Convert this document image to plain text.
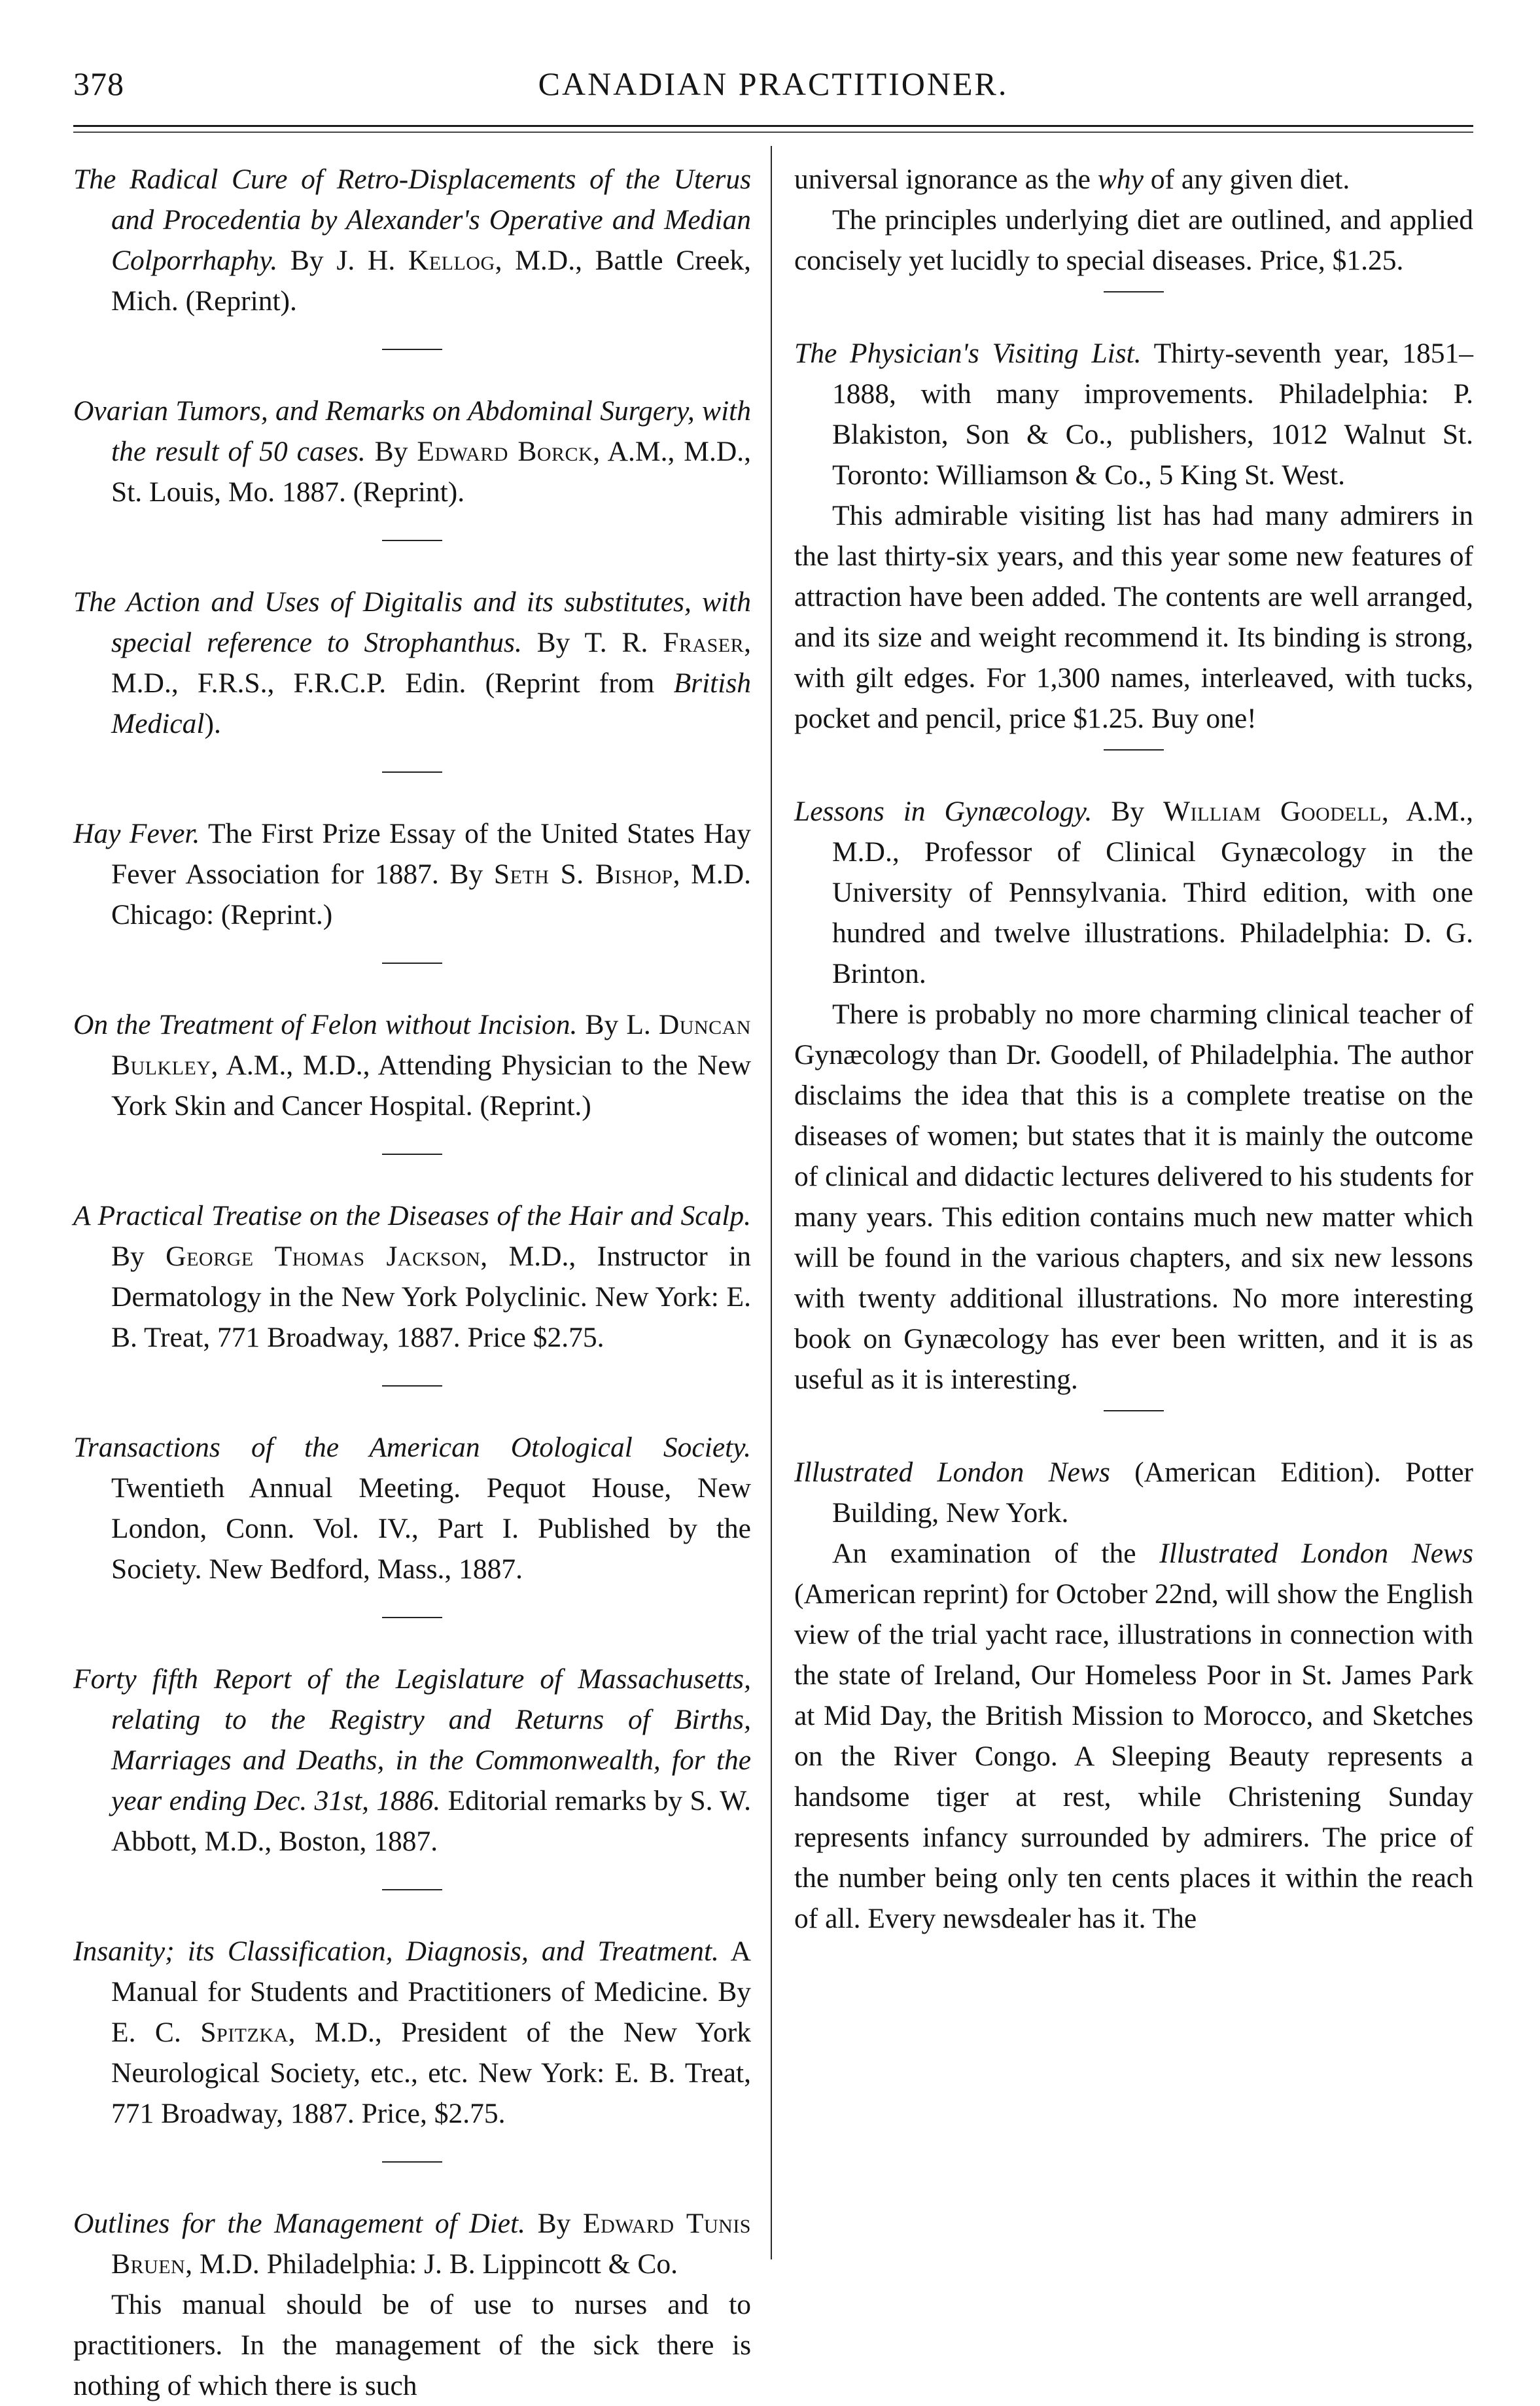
378	CANADIAN PRACTITIONER.
The Radical Cure of Retro-Displacements of the Uterus and Procedentia by Alexander's Operative and Median Colporrhaphy. By J. H. Kellog, M.D., Battle Creek, Mich. (Reprint).
Ovarian Tumors, and Remarks on Abdominal Surgery, with the result of 50 cases. By Edward Borck, A.M., M.D., St. Louis, Mo. 1887. (Reprint).
The Action and Uses of Digitalis and its substitutes, with special reference to Strophanthus. By T. R. Fraser, M.D., F.R.S., F.R.C.P. Edin. (Reprint from British Medical).
Hay Fever. The First Prize Essay of the United States Hay Fever Association for 1887. By Seth S. Bishop, M.D. Chicago: (Reprint.)
On the Treatment of Felon without Incision. By L. Duncan Bulkley, A.M., M.D., Attending Physician to the New York Skin and Cancer Hospital. (Reprint.)
A Practical Treatise on the Diseases of the Hair and Scalp. By George Thomas Jackson, M.D., Instructor in Dermatology in the New York Polyclinic. New York: E. B. Treat, 771 Broadway, 1887. Price $2.75.
Transactions of the American Otological Society. Twentieth Annual Meeting. Pequot House, New London, Conn. Vol. IV., Part I. Published by the Society. New Bedford, Mass., 1887.
Forty fifth Report of the Legislature of Massachusetts, relating to the Registry and Returns of Births, Marriages and Deaths, in the Commonwealth, for the year ending Dec. 31st, 1886. Editorial remarks by S. W. Abbott, M.D., Boston, 1887.
Insanity; its Classification, Diagnosis, and Treatment. A Manual for Students and Practitioners of Medicine. By E. C. Spitzka, M.D., President of the New York Neurological Society, etc., etc. New York: E. B. Treat, 771 Broadway, 1887. Price, $2.75.
Outlines for the Management of Diet. By Edward Tunis Bruen, M.D. Philadelphia: J. B. Lippincott & Co.

This manual should be of use to nurses and to practitioners. In the management of the sick there is nothing of which there is such

universal ignorance as the why of any given diet.

The principles underlying diet are outlined, and applied concisely yet lucidly to special diseases. Price, $1.25.

The Physician's Visiting List. Thirty-seventh year, 1851–1888, with many improvements. Philadelphia: P. Blakiston, Son & Co., publishers, 1012 Walnut St. Toronto: Williamson & Co., 5 King St. West.

This admirable visiting list has had many admirers in the last thirty-six years, and this year some new features of attraction have been added. The contents are well arranged, and its size and weight recommend it. Its binding is strong, with gilt edges. For 1,300 names, interleaved, with tucks, pocket and pencil, price $1.25. Buy one!

Lessons in Gynæcology. By William Goodell, A.M., M.D., Professor of Clinical Gynæcology in the University of Pennsylvania. Third edition, with one hundred and twelve illustrations. Philadelphia: D. G. Brinton.

There is probably no more charming clinical teacher of Gynæcology than Dr. Goodell, of Philadelphia. The author disclaims the idea that this is a complete treatise on the diseases of women; but states that it is mainly the outcome of clinical and didactic lectures delivered to his students for many years. This edition contains much new matter which will be found in the various chapters, and six new lessons with twenty additional illustrations. No more interesting book on Gynæcology has ever been written, and it is as useful as it is interesting.

Illustrated London News (American Edition). Potter Building, New York.

An examination of the Illustrated London News (American reprint) for October 22nd, will show the English view of the trial yacht race, illustrations in connection with the state of Ireland, Our Homeless Poor in St. James Park at Mid Day, the British Mission to Morocco, and Sketches on the River Congo. A Sleeping Beauty represents a handsome tiger at rest, while Christening Sunday represents infancy surrounded by admirers. The price of the number being only ten cents places it within the reach of all. Every newsdealer has it. The
